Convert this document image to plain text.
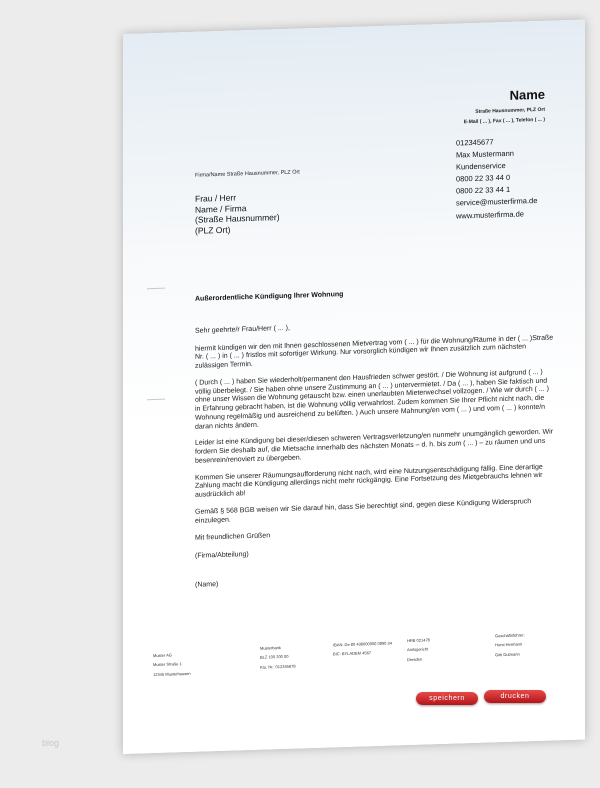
Name
Straße Hausnummer, PLZ Ort
E-Mail ( ... ), Fax ( ... ), Telefon ( ... )
012345677
Max Mustermann
Kundenservice
0800 22 33 44 0
0800 22 33 44 1
service@musterfirma.de
www.musterfirma.de
Firma/Name Straße Hausnummer, PLZ Ort
Frau / Herr
Name / Firma
(Straße Hausnummer)
(PLZ Ort)
Außerordentliche Kündigung Ihrer Wohnung

Sehr geehrte/r Frau/Herr ( ... ),

hiermit kündigen wir den mit Ihnen geschlossenen Mietvertrag vom ( ... ) für die Wohnung/Räume in der ( ... )Straße Nr. ( ... ) in ( ... ) fristlos mit sofortiger Wirkung. Nur vorsorglich kündigen wir Ihnen zusätzlich zum nächsten zulässigen Termin.

( Durch ( ... ) haben Sie wiederholt/permanent den Hausfrieden schwer gestört. / Die Wohnung ist aufgrund ( ... ) völlig überbelegt. / Sie haben ohne unsere Zustimmung an ( ... ) untervermietet. / Da ( ... ), haben Sie faktisch und ohne unser Wissen die Wohnung getauscht bzw. einen unerlaubten Mieterwechsel vollzogen. / Wie wir durch ( ... ) in Erfahrung gebracht haben, ist die Wohnung völlig verwahrlost. Zudem kommen Sie Ihrer Pflicht nicht nach, die Wohnung regelmäßig und ausreichend zu belüften. ) Auch unsere Mahnung/en vom ( ... ) und vom ( ... ) konnte/n daran nichts ändern.

Leider ist eine Kündigung bei dieser/diesen schweren Vertragsverletzung/en nunmehr unumgänglich geworden. Wir fordern Sie deshalb auf, die Mietsache innerhalb des nächsten Monats – d. h. bis zum ( ... ) – zu räumen und uns besenrein/renoviert zu übergeben.

Kommen Sie unserer Räumungsaufforderung nicht nach, wird eine Nutzungsentschädigung fällig. Eine derartige Zahlung macht die Kündigung allerdings nicht mehr rückgängig. Eine Fortsetzung des Mietgebrauchs lehnen wir ausdrücklich ab!

Gemäß § 568 BGB weisen wir Sie darauf hin, dass Sie berechtigt sind, gegen diese Kündigung Widerspruch einzulegen.

Mit freundlichen Grüßen

(Firma/Abteilung)

(Name)

Muster AG
Muster Straße 1
12345 Musterhausen
Musterbank
BLZ 100 200 00
Kto. Nr.: 012345678
IBAN: De 80 436000000 0890 34
BIC: BYLADEM 4567
HRB 021478
Amtsgericht
Dresden
Geschäftsführer:
Horst Hermann
Gitti Gutmann
speichern	drucken
blog
